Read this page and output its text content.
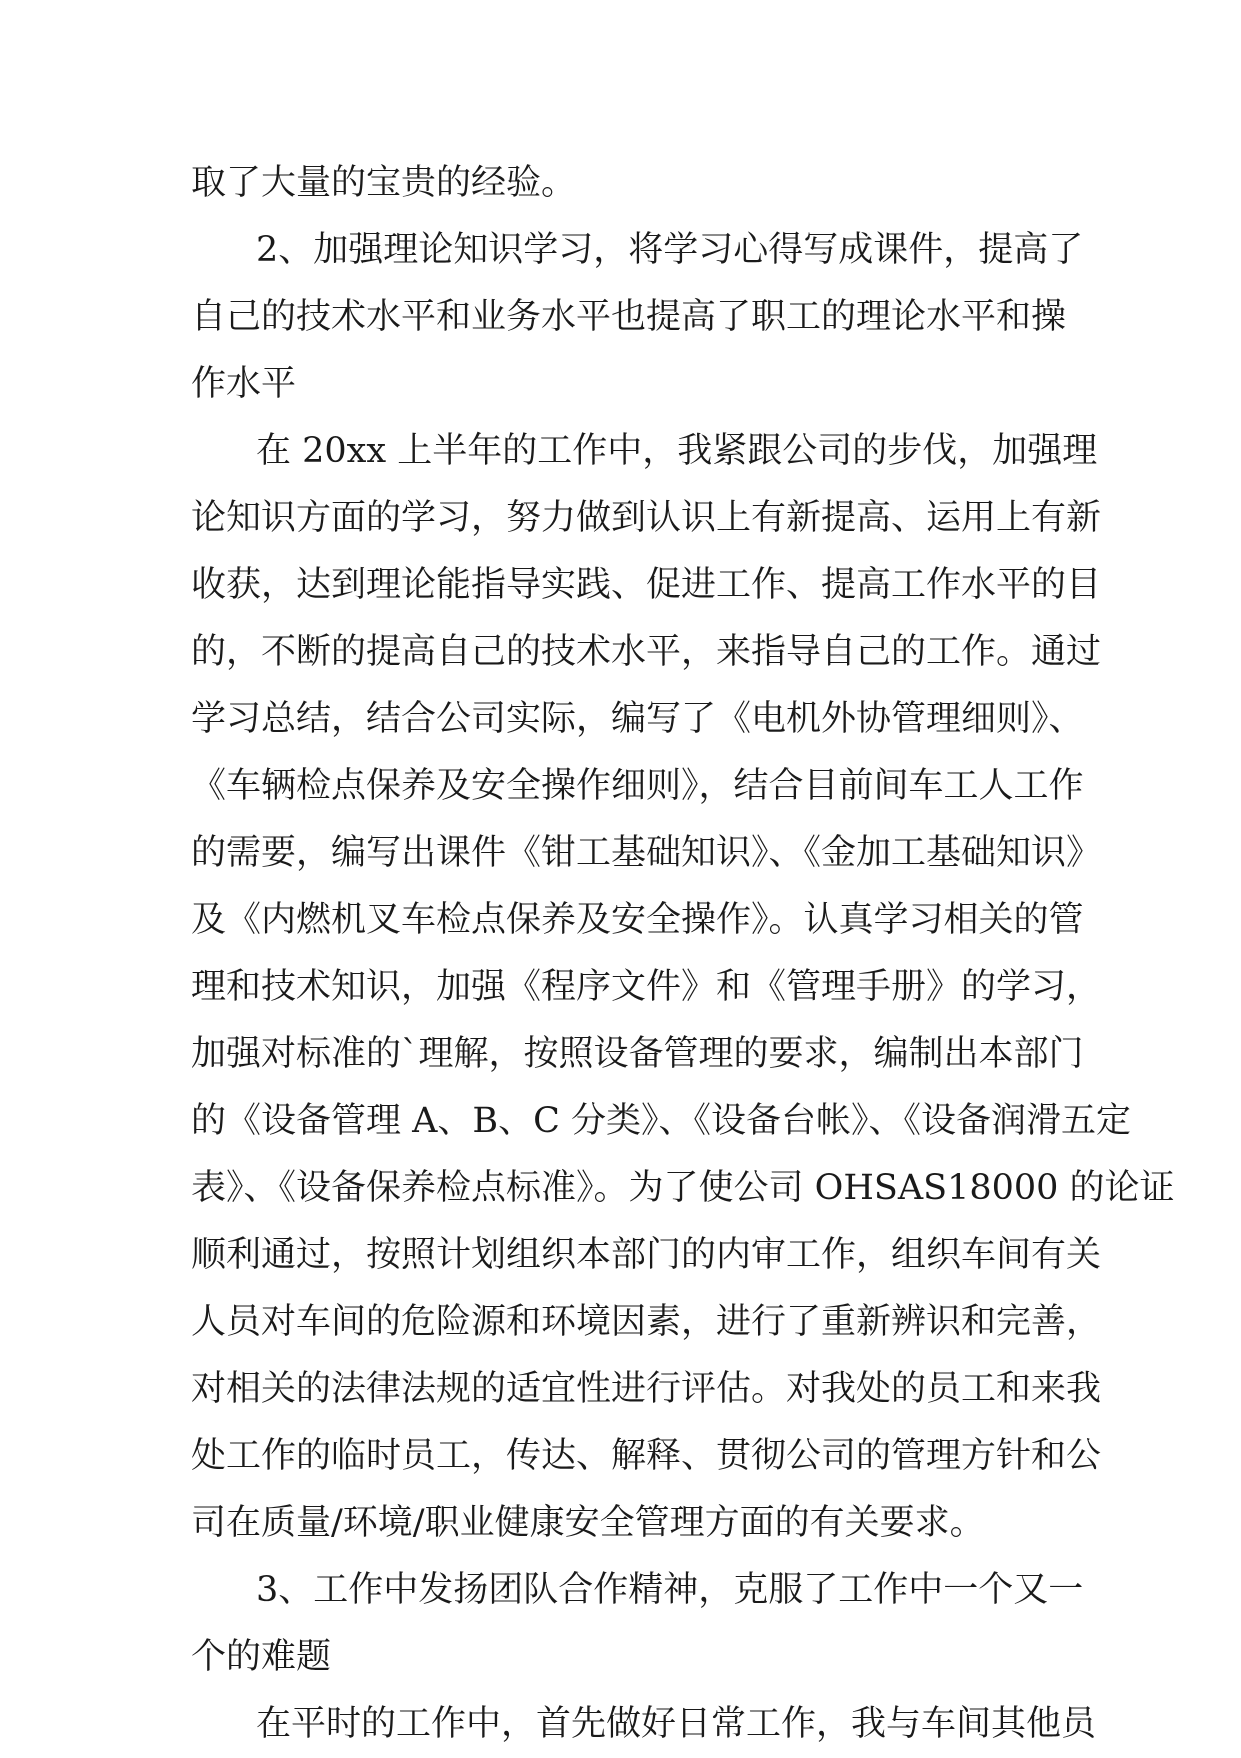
取了大量的宝贵的经验。
2、加强理论知识学习，将学习心得写成课件，提高了
自己的技术水平和业务水平也提高了职工的理论水平和操
作水平
在 20xx 上半年的工作中，我紧跟公司的步伐，加强理
论知识方面的学习，努力做到认识上有新提高、运用上有新
收获，达到理论能指导实践、促进工作、提高工作水平的目
的，不断的提高自己的技术水平，来指导自己的工作。通过
学习总结，结合公司实际，编写了《电机外协管理细则》、
《车辆检点保养及安全操作细则》，结合目前间车工人工作
的需要，编写出课件《钳工基础知识》、《金加工基础知识》
及《内燃机叉车检点保养及安全操作》。认真学习相关的管
理和技术知识，加强《程序文件》和《管理手册》的学习，
加强对标准的`理解，按照设备管理的要求，编制出本部门
的《设备管理 A、B、C 分类》、《设备台帐》、《设备润滑五定
表》、《设备保养检点标准》。为了使公司 OHSAS18000 的论证
顺利通过，按照计划组织本部门的内审工作，组织车间有关
人员对车间的危险源和环境因素，进行了重新辨识和完善，
对相关的法律法规的适宜性进行评估。对我处的员工和来我
处工作的临时员工，传达、解释、贯彻公司的管理方针和公
司在质量/环境/职业健康安全管理方面的有关要求。
3、工作中发扬团队合作精神，克服了工作中一个又一
个的难题
在平时的工作中，首先做好日常工作，我与车间其他员
